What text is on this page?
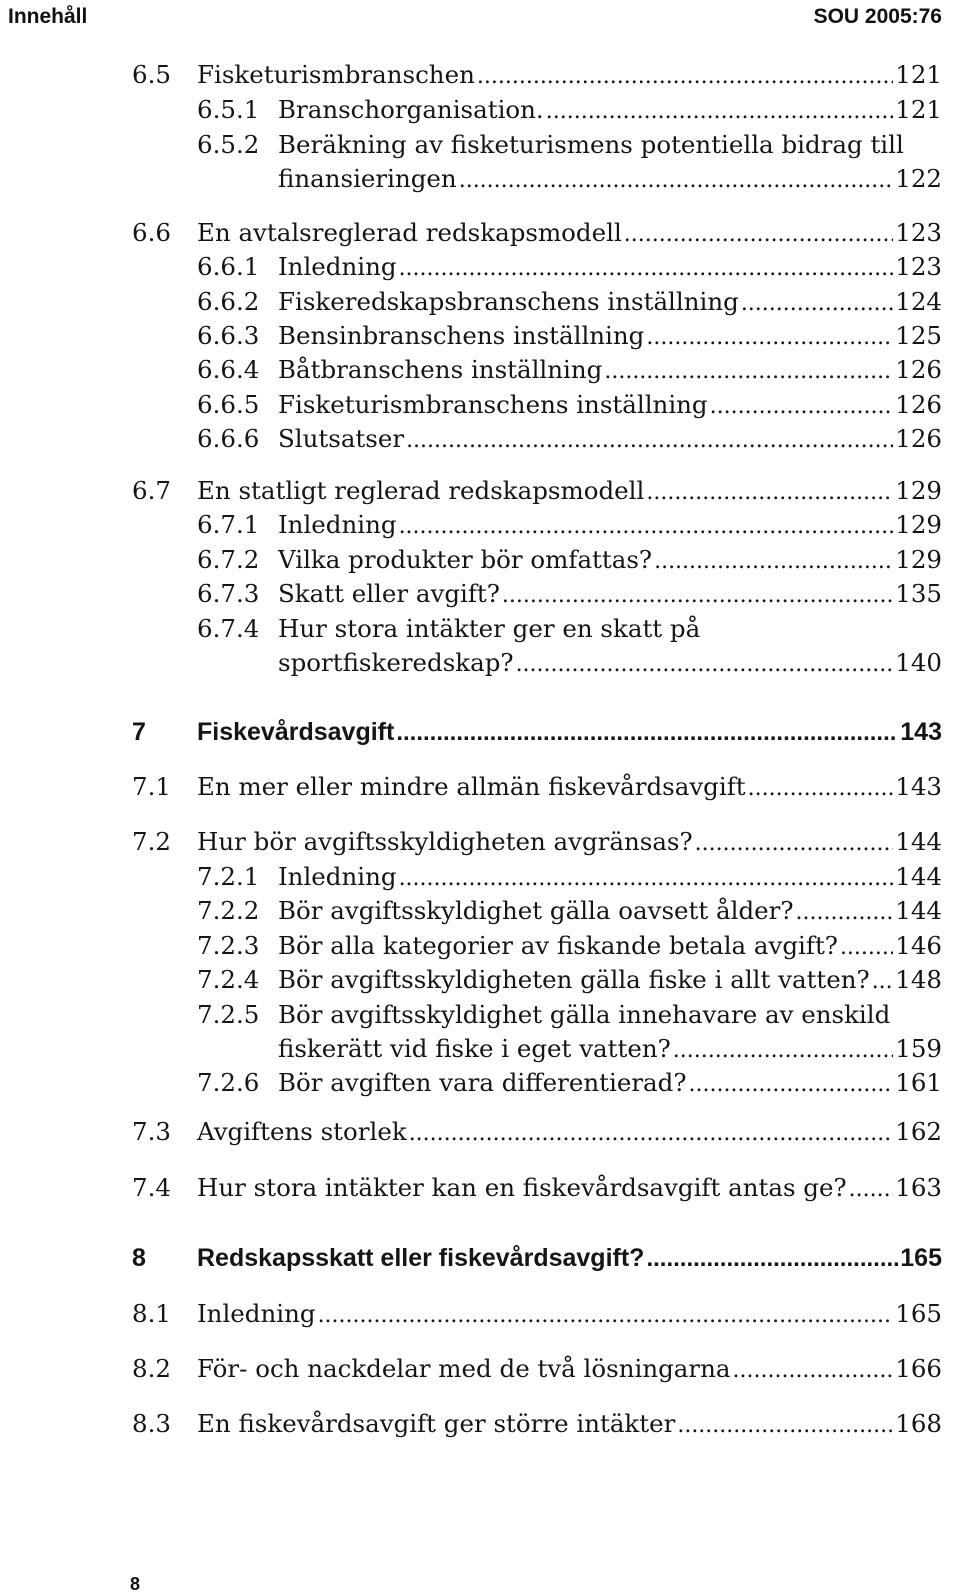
Innehåll	SOU 2005:76
6.5 Fisketurismbranschen .....	121
6.5.1 Branschorganisation. .....	121
6.5.2 Beräkning av fisketurismens potentiella bidrag till
finansieringen .....	122
6.6 En avtalsreglerad redskapsmodell .....	123
6.6.1 Inledning .....	123
6.6.2 Fiskeredskapsbranschens inställning .....	124
6.6.3 Bensinbranschens inställning .....	125
6.6.4 Båtbranschens inställning .....	126
6.6.5 Fisketurismbranschens inställning .....	126
6.6.6 Slutsatser .....	126
6.7 En statligt reglerad redskapsmodell .....	129
6.7.1 Inledning .....	129
6.7.2 Vilka produkter bör omfattas? .....	129
6.7.3 Skatt eller avgift? .....	135
6.7.4 Hur stora intäkter ger en skatt på
sportfiskeredskap? .....	140
7 Fiskevårdsavgift .....	143
7.1 En mer eller mindre allmän fiskevårdsavgift .....	143
7.2 Hur bör avgiftsskyldigheten avgränsas? .....	144
7.2.1 Inledning .....	144
7.2.2 Bör avgiftsskyldighet gälla oavsett ålder? .....	144
7.2.3 Bör alla kategorier av fiskande betala avgift? ..... 146
7.2.4 Bör avgiftsskyldigheten gälla fiske i allt vatten? ..... 148
7.2.5 Bör avgiftsskyldighet gälla innehavare av enskild
fiskerätt vid fiske i eget vatten? .....	159
7.2.6 Bör avgiften vara differentierad? .....	161
7.3 Avgiftens storlek .....	162
7.4 Hur stora intäkter kan en fiskevårdsavgift antas ge? ..... 163
8 Redskapsskatt eller fiskevårdsavgift? .....	165
8.1 Inledning .....	165
8.2 För- och nackdelar med de två lösningarna .....	166
8.3 En fiskevårdsavgift ger större intäkter .....	168
8
